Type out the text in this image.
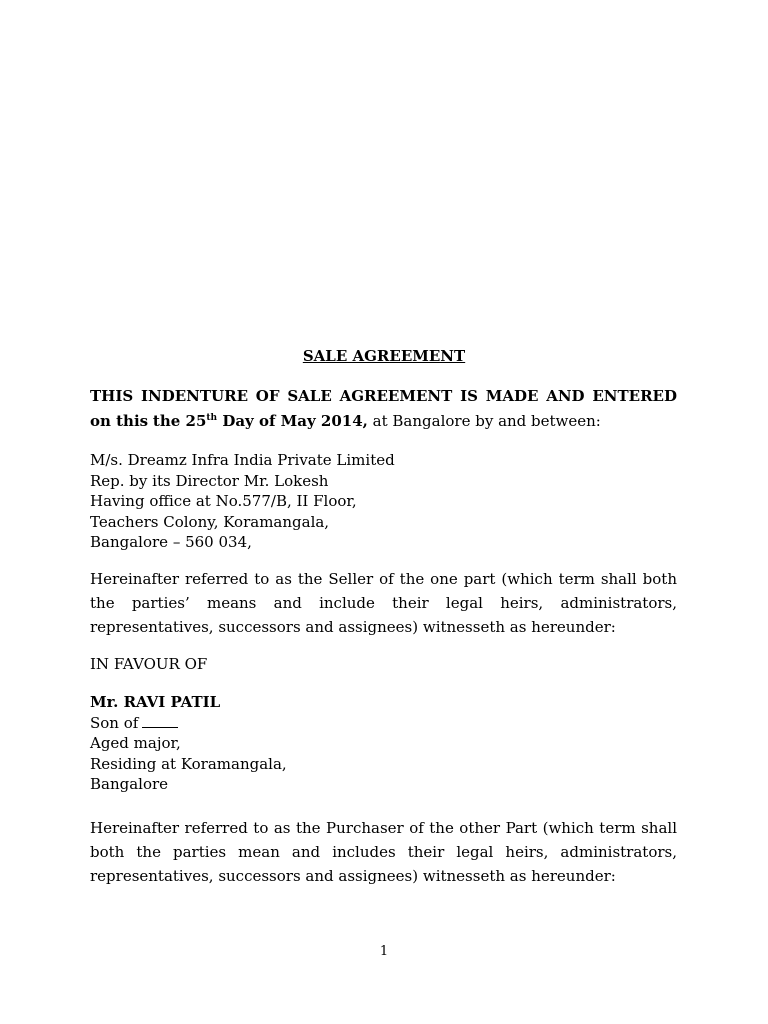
SALE AGREEMENT

THIS INDENTURE OF SALE AGREEMENT IS MADE AND ENTERED on this the 25th Day of May 2014, at Bangalore by and between:

M/s. Dreamz Infra India Private Limited
Rep. by its Director Mr. Lokesh
Having office at No.577/B, II Floor,
Teachers Colony, Koramangala,
Bangalore – 560 034,

Hereinafter referred to as the Seller of the one part (which term shall both the parties’ means and include their legal heirs, administrators, representatives, successors and assignees) witnesseth as hereunder:

IN FAVOUR OF

Mr. RAVI PATIL
Son of
Aged major,
Residing at Koramangala,
Bangalore

Hereinafter referred to as the Purchaser of the other Part (which term shall both the parties mean and includes their legal heirs, administrators, representatives, successors and assignees) witnesseth as hereunder:

1
